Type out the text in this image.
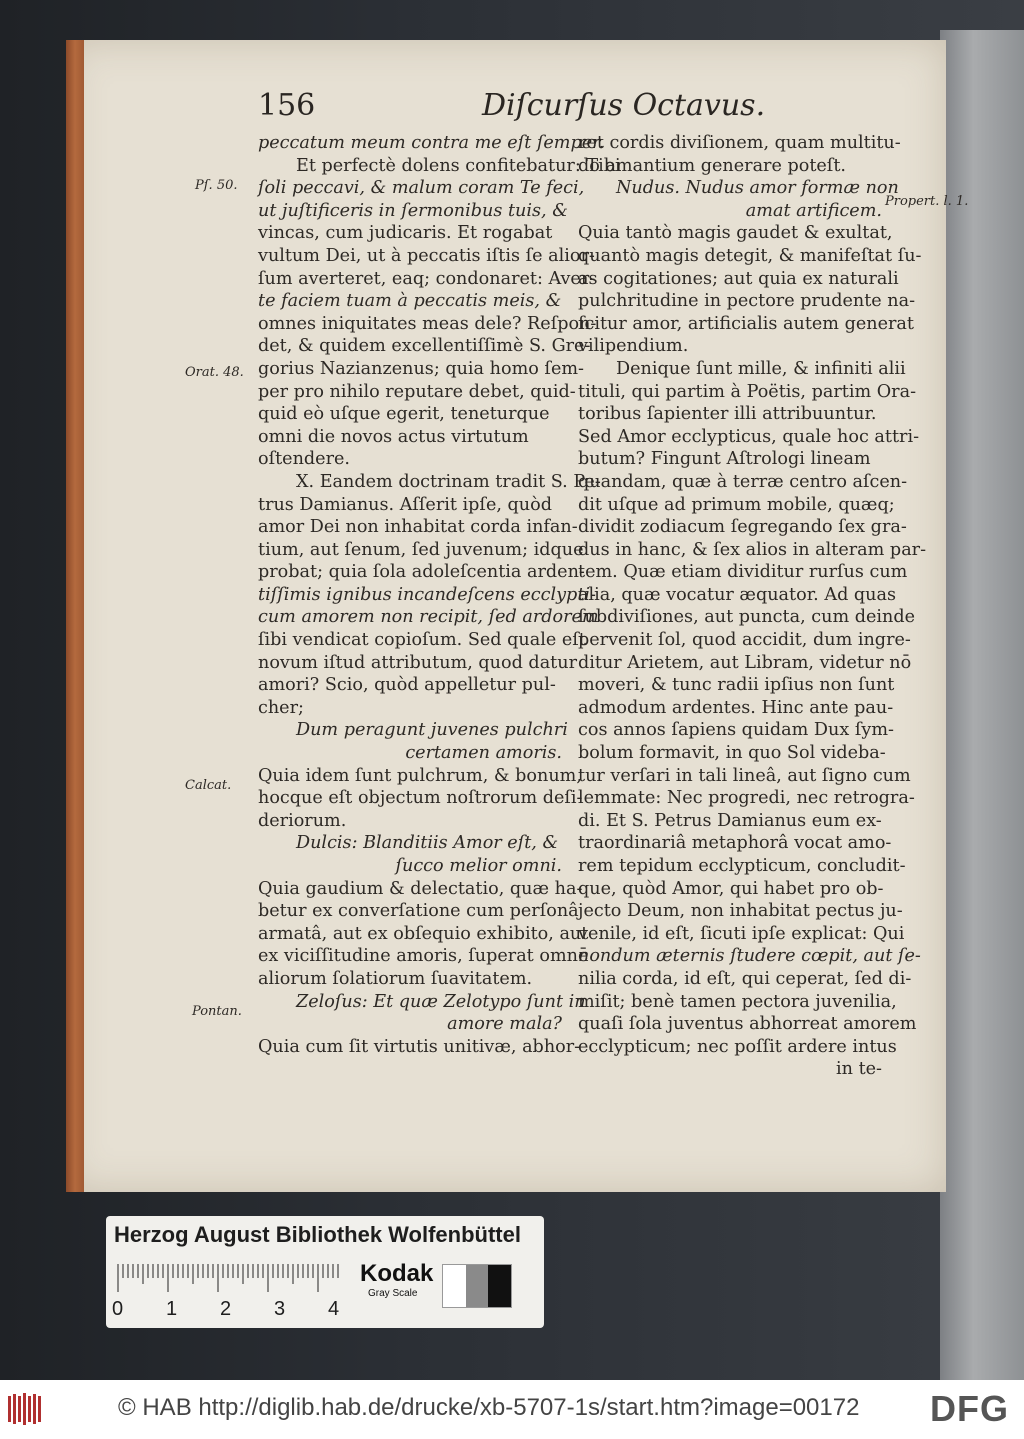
156	Diſcurſus Octavus.
peccatum meum contra me eſt ſemper.
Et perfectè dolens confitebatur: Tibi
ſoli peccavi, & malum coram Te feci,
ut juſtificeris in ſermonibus tuis, &
vincas, cum judicaris. Et rogabat
vultum Dei, ut à peccatis iſtis ſe alior-
ſum averteret, eaq; condonaret: Aver-
te faciem tuam à peccatis meis, &
omnes iniquitates meas dele? Reſpon-
det, & quidem excellentiſſimè S. Gre-
gorius Nazianzenus; quia homo ſem-
per pro nihilo reputare debet, quid-
quid eò uſque egerit, teneturque
omni die novos actus virtutum
oſtendere.
X. Eandem doctrinam tradit S. Pe-
trus Damianus. Aſſerit ipſe, quòd
amor Dei non inhabitat corda infan-
tium, aut ſenum, ſed juvenum; idque
probat; quia ſola adoleſcentia arden-
tiſſimis ignibus incandeſcens ecclypti-
cum amorem non recipit, ſed ardorem
ſibi vendicat copioſum. Sed quale eſt
novum iſtud attributum, quod datur
amori? Scio, quòd appelletur pul-
cher;
Dum peragunt juvenes pulchri
certamen amoris.
Quia idem ſunt pulchrum, & bonum,
hocque eſt objectum noſtrorum deſi-
deriorum.
Dulcis: Blanditiis Amor eſt, &
ſucco melior omni.
Quia gaudium & delectatio, quæ ha-
betur ex converſatione cum perſonâ
armatâ, aut ex obſequio exhibito, aut
ex viciſſitudine amoris, ſuperat omnē
aliorum ſolatiorum ſuavitatem.
Zeloſus: Et quæ Zelotypo ſunt in
amore mala?
Quia cum ſit virtutis unitivæ, abhor-
ret cordis diviſionem, quam multitu-
do amantium generare poteſt.
Nudus. Nudus amor formæ non
amat artificem.
Quia tantò magis gaudet & exultat,
quantò magis detegit, & manifeſtat ſu-
as cogitationes; aut quia ex naturali
pulchritudine in pectore prudente na-
ſcitur amor, artificialis autem generat
vilipendium.
Denique ſunt mille, & infiniti alii
tituli, qui partim à Poëtis, partim Ora-
toribus ſapienter illi attribuuntur.
Sed Amor ecclypticus, quale hoc attri-
butum? Fingunt Aſtrologi lineam
quandam, quæ à terræ centro aſcen-
dit uſque ad primum mobile, quæq;
dividit zodiacum ſegregando ſex gra-
dus in hanc, & ſex alios in alteram par-
tem. Quæ etiam dividitur rurſus cum
alia, quæ vocatur æquator. Ad quas
ſubdiviſiones, aut puncta, cum deinde
pervenit ſol, quod accidit, dum ingre-
ditur Arietem, aut Libram, videtur nō
moveri, & tunc radii ipſius non ſunt
admodum ardentes. Hinc ante pau-
cos annos ſapiens quidam Dux ſym-
bolum formavit, in quo Sol videba-
tur verſari in tali lineâ, aut ſigno cum
lemmate: Nec progredi, nec retrogra-
di. Et S. Petrus Damianus eum ex-
traordinariâ metaphorâ vocat amo-
rem tepidum ecclypticum, concludit-
que, quòd Amor, qui habet pro ob-
jecto Deum, non inhabitat pectus ju-
venile, id eſt, ſicuti ipſe explicat: Qui
nondum æternis ſtudere cœpit, aut ſe-
nilia corda, id eſt, qui ceperat, ſed di-
miſit; benè tamen pectora juvenilia,
quaſi ſola juventus abhorreat amorem
ecclypticum; nec poſſit ardere intus
in te-
Pſ. 50.
Orat. 48.
Calcat.
Pontan.
Propert. l. 1.
Herzog August Bibliothek Wolfenbüttel
0 1 2 3 4
Kodak
Gray Scale
© HAB http://diglib.hab.de/drucke/xb-5707-1s/start.htm?image=00172 DFG
